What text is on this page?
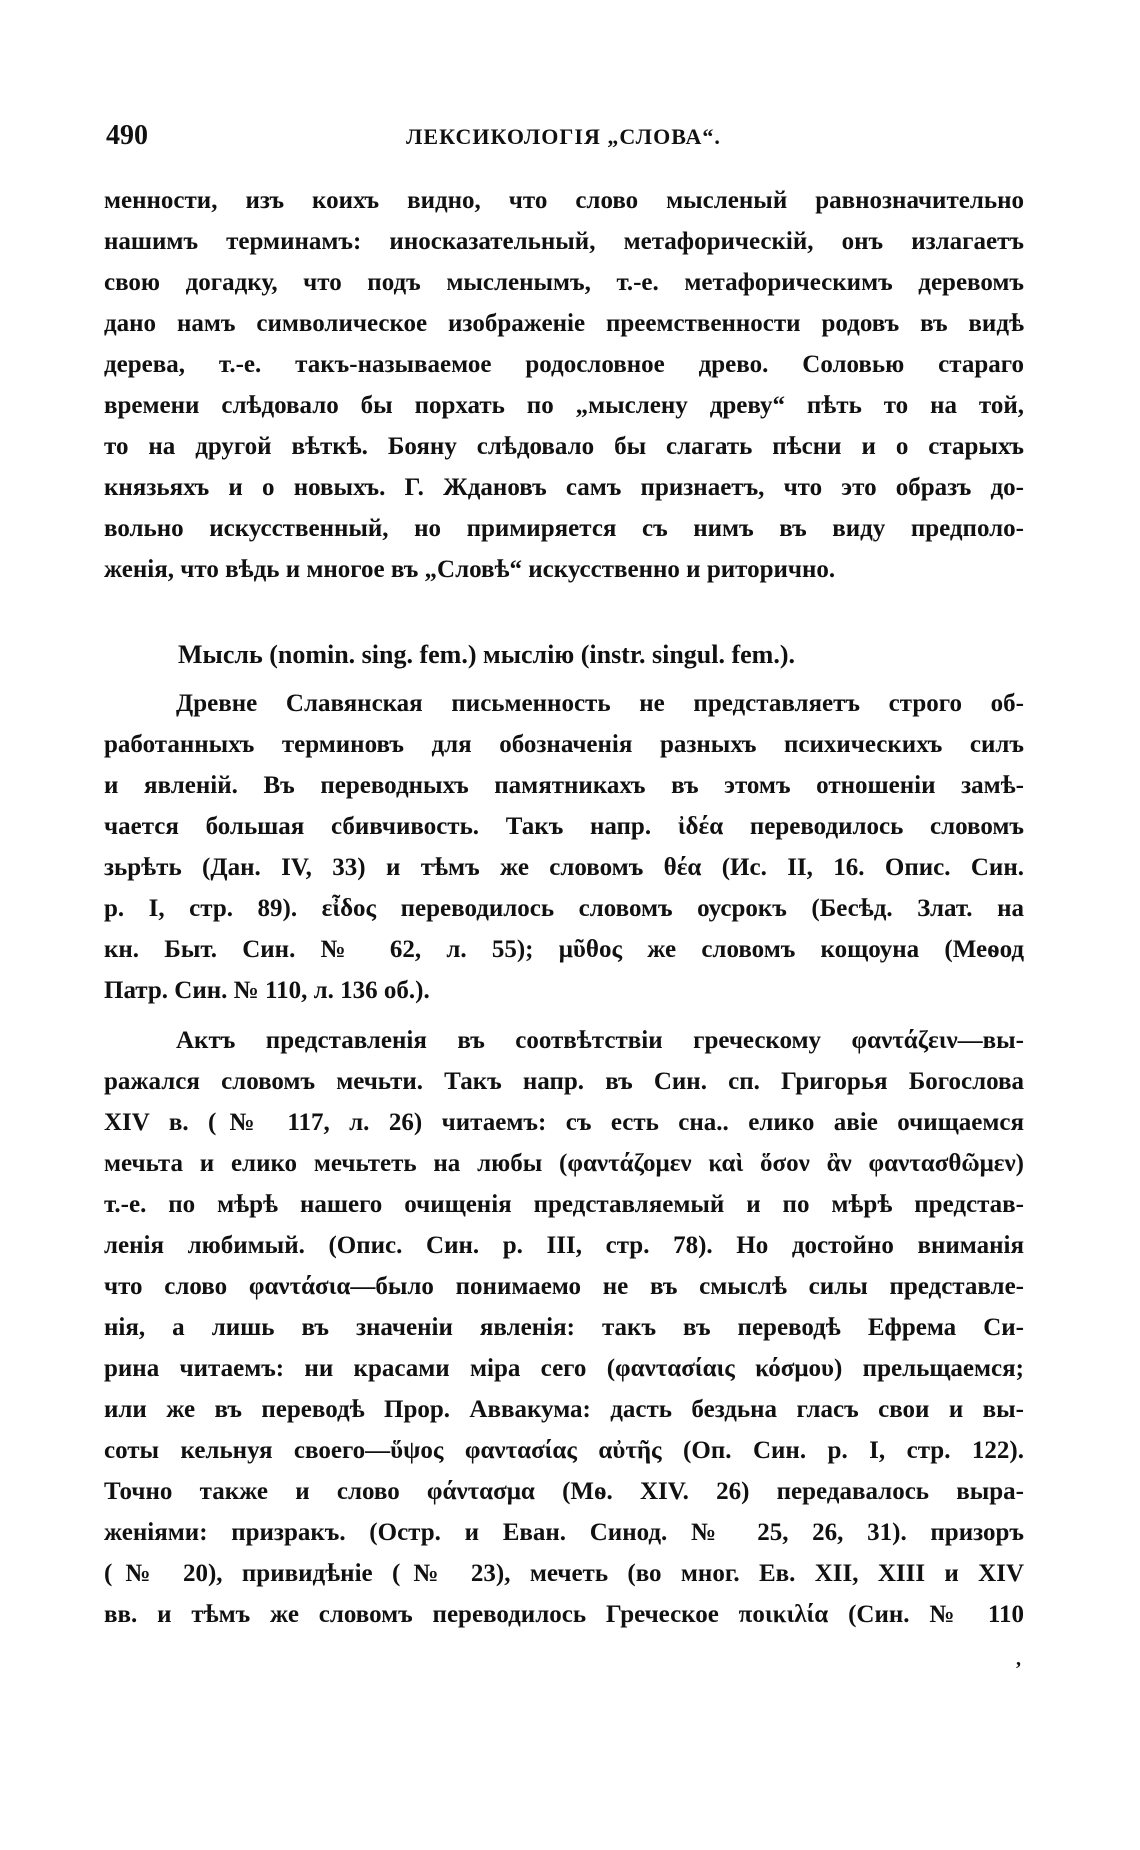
490	ЛЕКСИКОЛОГІЯ „СЛОВА“.
менности, изъ коихъ видно, что слово мысленый равнозначительно
нашимъ терминамъ: иносказательный, метафорическій, онъ излагаетъ
свою догадку, что подъ мысленымъ, т.-е. метафорическимъ деревомъ
дано намъ символическое изображеніе преемственности родовъ въ видѣ
дерева, т.-е. такъ-называемое родословное древо. Соловью стараго
времени слѣдовало бы порхать по „мыслену древу“ пѣть то на той,
то на другой вѣткѣ. Бояну слѣдовало бы слагать пѣсни и о старыхъ
князьяхъ и о новыхъ. Г. Ждановъ самъ признаетъ, что это образъ до-
вольно искусственный, но примиряется съ нимъ въ виду предполо-
женія, что вѣдь и многое въ „Словѣ“ искусственно и риторично.
Мысль (nomin. sing. fem.) мыслію (instr. singul. fem.).
Древне Славянская письменность не представляетъ строго об-
работанныхъ терминовъ для обозначенія разныхъ психическихъ силъ
и явленій. Въ переводныхъ памятникахъ въ этомъ отношеніи замѣ-
чается большая сбивчивость. Такъ напр. ἰδέα переводилось словомъ
зьрѣть (Дан. IV, 33) и тѣмъ же словомъ θέα (Ис. II, 16. Опис. Син.
р. I, стр. 89). εἶδος переводилось словомъ оусрокъ (Бесѣд. Злат. на
кн. Быт. Син. № 62, л. 55); μῦθος же словомъ кощоуна (Меѳод
Патр. Син. № 110, л. 136 об.).
Актъ представленія въ соотвѣтствіи греческому φαντάζειν—вы-
ражался словомъ мечьти. Такъ напр. въ Син. сп. Григорья Богослова
XIV в. (№ 117, л. 26) читаемъ: съ есть сна.. елико авіе очищаемся
мечьта и елико мечьтеть на любы (φαντάζομεν καὶ ὅσον ἂν φαντασθῶμεν)
т.-е. по мѣрѣ нашего очищенія представляемый и по мѣрѣ представ-
ленія любимый. (Опис. Син. р. III, стр. 78). Но достойно вниманія
что слово φαντάσια—было понимаемо не въ смыслѣ силы представле-
нія, а лишь въ значеніи явленія: такъ въ переводѣ Ефрема Си-
рина читаемъ: ни красами міра сего (φαντασίαις κόσμου) прельщаемся;
или же въ переводѣ Прор. Аввакума: дасть бездьна гласъ свои и вы-
соты кельнуя своего—ὕψος φαντασίας αὐτῆς (Оп. Син. р. I, стр. 122).
Точно также и слово φάντασμα (Мѳ. XIV. 26) передавалось выра-
женіями: призракъ. (Остр. и Еван. Синод. № 25, 26, 31). призоръ
(№ 20), привидѣніе (№ 23), мечеть (во мног. Ев. XII, XIII и XIV
вв. и тѣмъ же словомъ переводилось Греческое ποικιλία (Син. № 110
,
